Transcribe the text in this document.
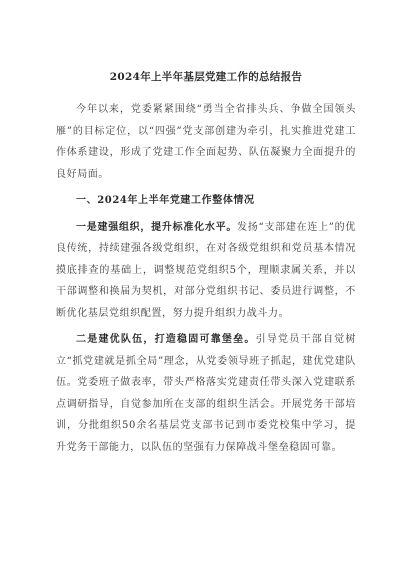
2024年上半年基层党建工作的总结报告

今年以来，党委紧紧围绕“勇当全省排头兵、争做全国领头雁”的目标定位，以“四强”党支部创建为牵引，扎实推进党建工作体系建设，形成了党建工作全面起势、队伍凝聚力全面提升的良好局面。

一、2024年上半年党建工作整体情况

一是建强组织，提升标准化水平。发扬“支部建在连上”的优良传统，持续建强各级党组织，在对各级党组织和党员基本情况摸底排查的基础上，调整规范党组织5个，理顺隶属关系，并以干部调整和换届为契机，对部分党组织书记、委员进行调整，不断优化基层党组织配置，努力提升组织力战斗力。

二是建优队伍，打造稳固可靠堡垒。引导党员干部自觉树立“抓党建就是抓全局”理念，从党委领导班子抓起，建优党建队伍。党委班子做表率，带头严格落实党建责任带头深入党建联系点调研指导，自觉参加所在支部的组织生活会。开展党务干部培训，分批组织50余名基层党支部书记到市委党校集中学习，提升党务干部能力，以队伍的坚强有力保障战斗堡垒稳固可靠。
